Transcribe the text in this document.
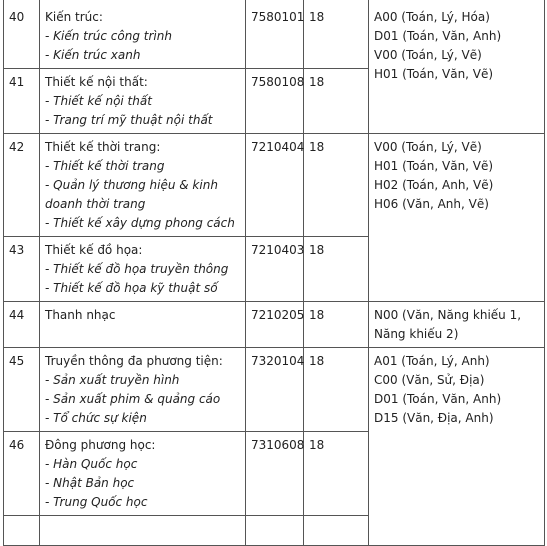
40	Kiến trúc:
- Kiến trúc công trình
- Kiến trúc xanh	7580101	18	A00 (Toán, Lý, Hóa)
D01 (Toán, Văn, Anh)
V00 (Toán, Lý, Vẽ)
H01 (Toán, Văn, Vẽ)

41	Thiết kế nội thất:
- Thiết kế nội thất
- Trang trí mỹ thuật nội thất	7580108	18	
42	Thiết kế thời trang:
- Thiết kế thời trang
- Quản lý thương hiệu & kinh doanh thời trang
- Thiết kế xây dựng phong cách	7210404	18	V00 (Toán, Lý, Vẽ)
H01 (Toán, Văn, Vẽ)
H02 (Toán, Anh, Vẽ)
H06 (Văn, Anh, Vẽ)

43	Thiết kế đồ họa:
- Thiết kế đồ họa truyền thông
- Thiết kế đồ họa kỹ thuật số	7210403	18	
44	Thanh nhạc	7210205	18	N00 (Văn, Năng khiếu 1, Năng khiếu 2)

45	Truyền thông đa phương tiện:
- Sản xuất truyền hình
- Sản xuất phim & quảng cáo
- Tổ chức sự kiện	7320104	18	A01 (Toán, Lý, Anh)
C00 (Văn, Sử, Địa)
D01 (Toán, Văn, Anh)
D15 (Văn, Địa, Anh)

46	Đông phương học:
- Hàn Quốc học
- Nhật Bản học
- Trung Quốc học	7310608	18	
